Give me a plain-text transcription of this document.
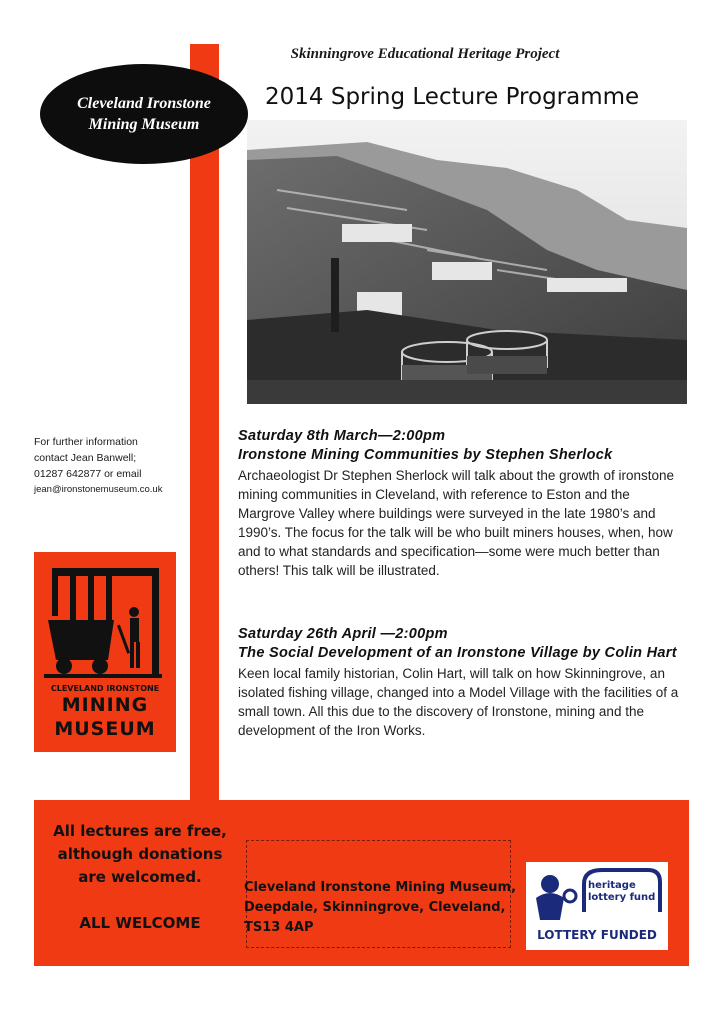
Skinningrove Educational Heritage Project
2014 Spring Lecture Programme
Cleveland Ironstone
Mining Museum
For further information
contact Jean Banwell;
01287 642877 or email
jean@ironstonemuseum.co.uk
CLEVELAND IRONSTONE
MINING
MUSEUM
Saturday 8th March—2:00pm
Ironstone Mining Communities by Stephen Sherlock
Archaeologist Dr Stephen Sherlock will talk about the growth of ironstone mining communities in Cleveland, with reference to Eston and the Margrove Valley where buildings were surveyed in the late 1980’s and 1990’s. The focus for the talk will be who built miners houses, when, how and to what standards and specification—some were much better than others! This talk will be illustrated.
Saturday 26th April —2:00pm
The Social Development of an Ironstone Village by Colin Hart
Keen local family historian, Colin Hart, will talk on how Skinningrove, an isolated fishing village, changed into a Model Village with the facilities of a small town. All this due to the discovery of Ironstone, mining and the development of the Iron Works.
All lectures are free,
although donations
are welcomed.
ALL WELCOME
Cleveland Ironstone Mining Museum,
Deepdale, Skinningrove, Cleveland,
TS13 4AP
heritage
lottery fund
LOTTERY FUNDED
